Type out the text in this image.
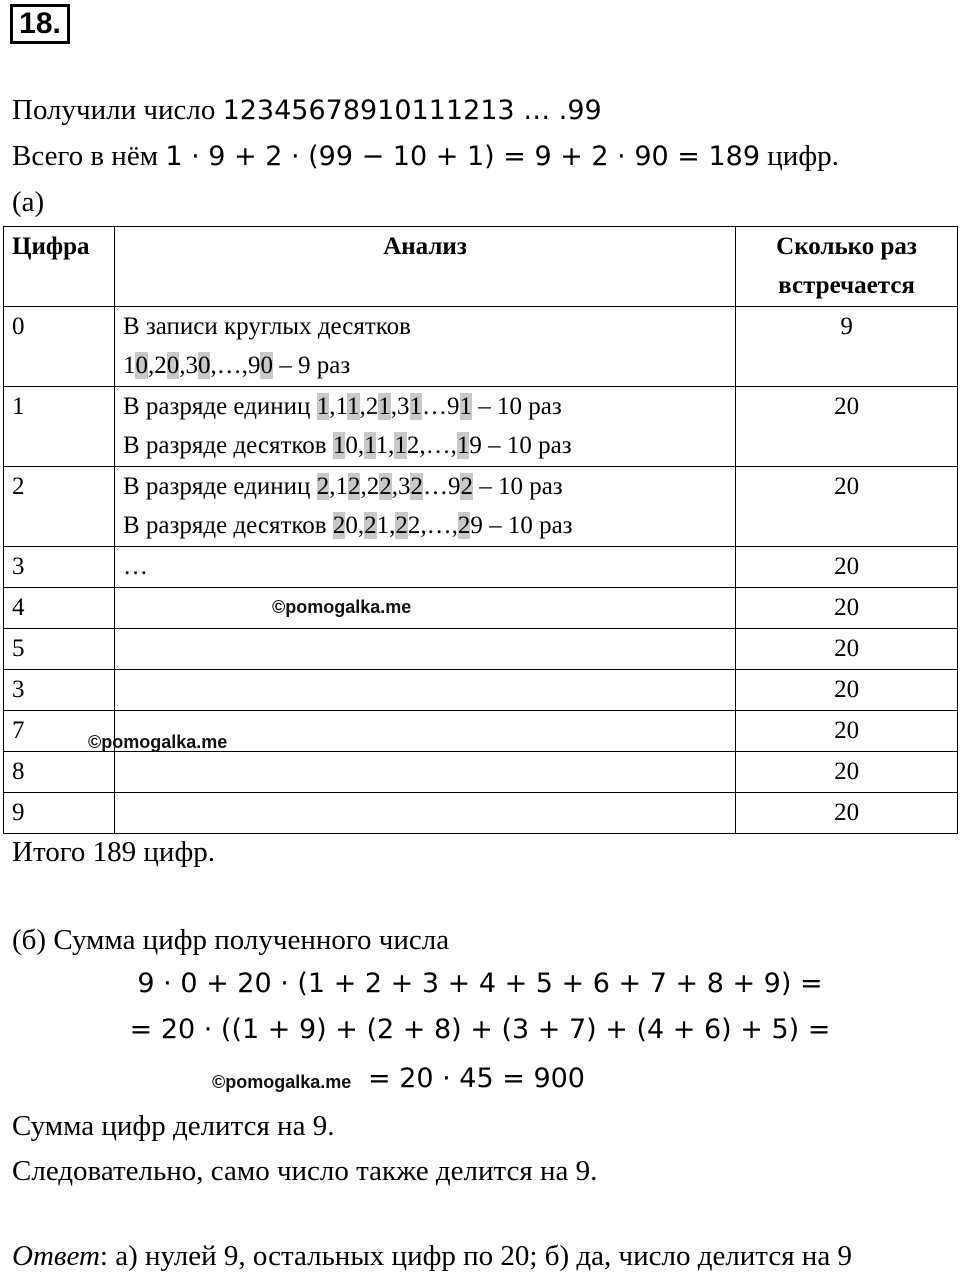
18.
Получили число 12345678910111213 … .99
Всего в нём 1 · 9 + 2 · (99 − 10 + 1) = 9 + 2 · 90 = 189 цифр.
(а)
Цифра	Анализ	Сколько раз
встречается
0	В записи круглых десятков
10,20,30,…,90 – 9 раз	9
1	В разряде единиц 1,11,21,31…91 – 10 раз
В разряде десятков 10,11,12,…,19 – 10 раз	20
2	В разряде единиц 2,12,22,32…92 – 10 раз
В разряде десятков 20,21,22,…,29 – 10 раз	20
3	…	20
4		20
5		20
3		20
7		20
8		20
9		20
©pomogalka.me
©pomogalka.me
Итого 189 цифр.
(б) Сумма цифр полученного числа
9 · 0 + 20 · (1 + 2 + 3 + 4 + 5 + 6 + 7 + 8 + 9) =
= 20 · ((1 + 9) + (2 + 8) + (3 + 7) + (4 + 6) + 5) =
©pomogalka.me = 20 · 45 = 900
Сумма цифр делится на 9.
Следовательно, само число также делится на 9.
Ответ: а) нулей 9, остальных цифр по 20; б) да, число делится на 9
